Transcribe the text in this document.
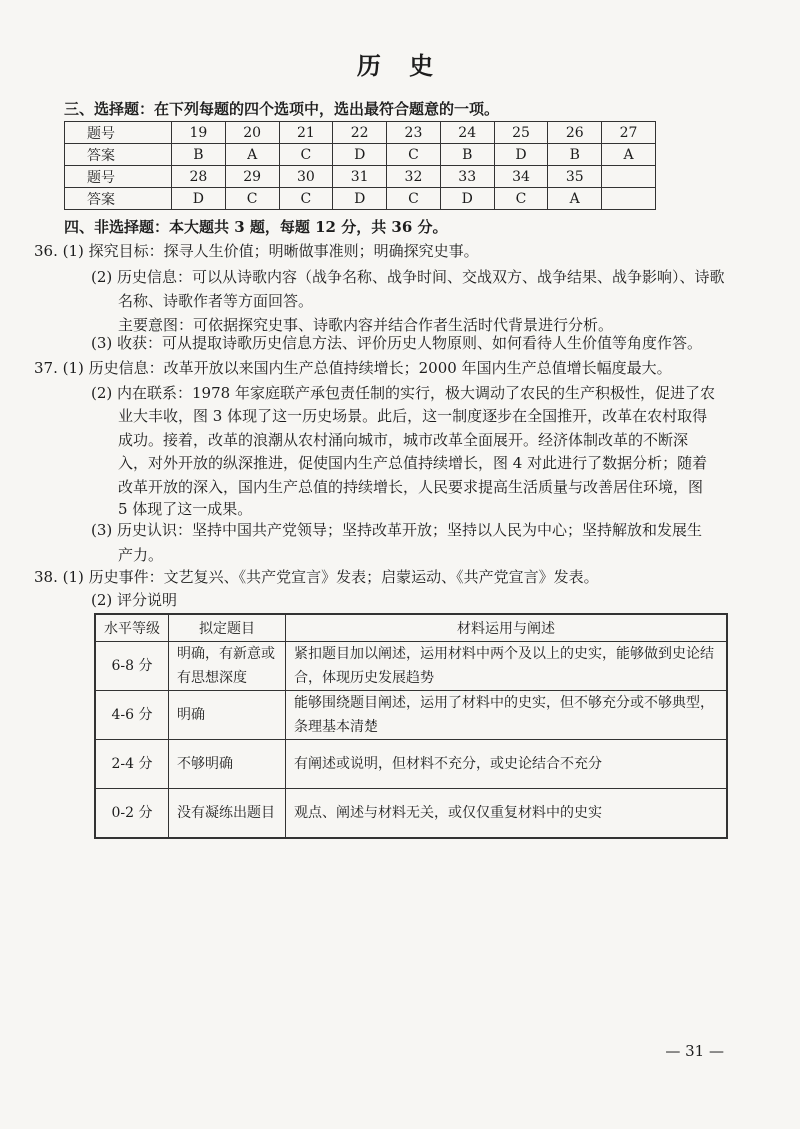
历 史
三、选择题：在下列每题的四个选项中，选出最符合题意的一项。
题号	19	20	21	22	23	24	25	26	27
答案	B	A	C	D	C	B	D	B	A
题号	28	29	30	31	32	33	34	35	
答案	D	C	C	D	C	D	C	A	
四、非选择题：本大题共 3 题，每题 12 分，共 36 分。
36. (1) 探究目标：探寻人生价值；明晰做事准则；明确探究史事。
(2) 历史信息：可以从诗歌内容（战争名称、战争时间、交战双方、战争结果、战争影响）、诗歌
名称、诗歌作者等方面回答。
主要意图：可依据探究史事、诗歌内容并结合作者生活时代背景进行分析。
(3) 收获：可从提取诗歌历史信息方法、评价历史人物原则、如何看待人生价值等角度作答。
37. (1) 历史信息：改革开放以来国内生产总值持续增长；2000 年国内生产总值增长幅度最大。
(2) 内在联系：1978 年家庭联产承包责任制的实行，极大调动了农民的生产积极性，促进了农
业大丰收，图 3 体现了这一历史场景。此后，这一制度逐步在全国推开，改革在农村取得
成功。接着，改革的浪潮从农村涌向城市，城市改革全面展开。经济体制改革的不断深
入，对外开放的纵深推进，促使国内生产总值持续增长，图 4 对此进行了数据分析；随着
改革开放的深入，国内生产总值的持续增长，人民要求提高生活质量与改善居住环境，图
5 体现了这一成果。
(3) 历史认识：坚持中国共产党领导；坚持改革开放；坚持以人民为中心；坚持解放和发展生
产力。
38. (1) 历史事件：文艺复兴、《共产党宣言》发表；启蒙运动、《共产党宣言》发表。
(2) 评分说明
水平等级	拟定题目	材料运用与阐述
6-8 分	明确，有新意或有思想深度	紧扣题目加以阐述，运用材料中两个及以上的史实，能够做到史论结合，体现历史发展趋势
4-6 分	明确	能够围绕题目阐述，运用了材料中的史实，但不够充分或不够典型，条理基本清楚
2-4 分	不够明确	有阐述或说明，但材料不充分，或史论结合不充分
0-2 分	没有凝练出题目	观点、阐述与材料无关，或仅仅重复材料中的史实
— 31 —
